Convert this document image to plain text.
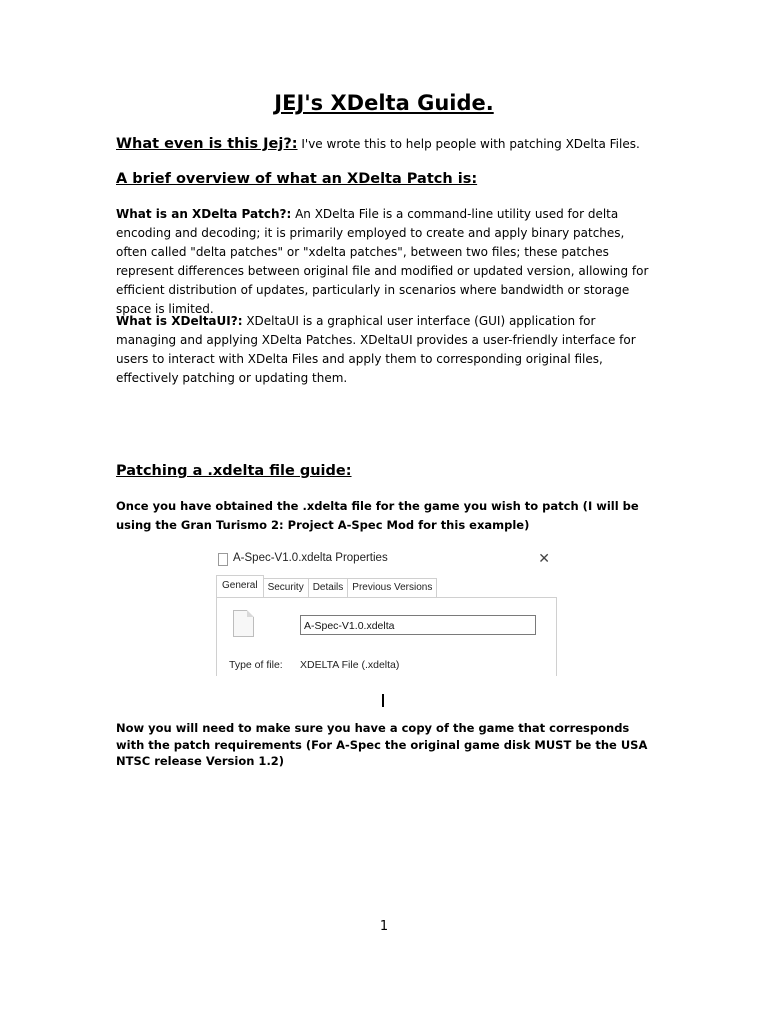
JEJ's XDelta Guide.
What even is this Jej?: I've wrote this to help people with patching XDelta Files.
A brief overview of what an XDelta Patch is:

What is an XDelta Patch?: An XDelta File is a command-line utility used for delta encoding and decoding; it is primarily employed to create and apply binary patches, often called "delta patches" or "xdelta patches", between two files; these patches represent differences between original file and modified or updated version, allowing for efficient distribution of updates, particularly in scenarios where bandwidth or storage space is limited.

What is XDeltaUI?: XDeltaUI is a graphical user interface (GUI) application for managing and applying XDelta Patches. XDeltaUI provides a user-friendly interface for users to interact with XDelta Files and apply them to corresponding original files, effectively patching or updating them.

Patching a .xdelta file guide:

Once you have obtained the .xdelta file for the game you wish to patch (I will be using the Gran Turismo 2: Project A-Spec Mod for this example)

A-Spec-V1.0.xdelta Properties	✕
General	Security Details Previous Versions
A-Spec-V1.0.xdelta
Type of file: XDELTA File (.xdelta)

Now you will need to make sure you have a copy of the game that corresponds with the patch requirements (For A-Spec the original game disk MUST be the USA NTSC release Version 1.2)

1
